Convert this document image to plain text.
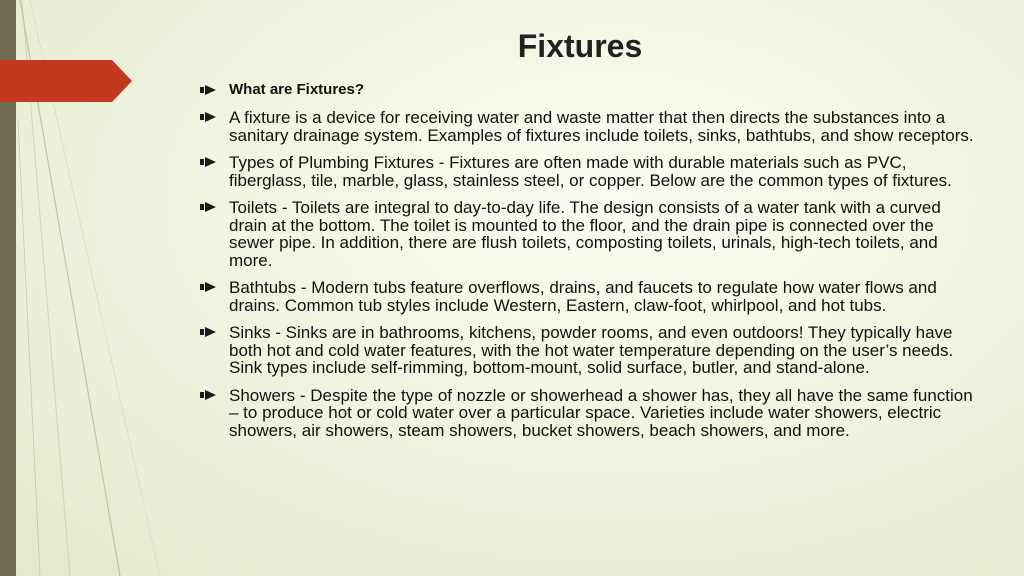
Fixtures
What are Fixtures?
A fixture is a device for receiving water and waste matter that then directs the substances into a sanitary drainage system. Examples of fixtures include toilets, sinks, bathtubs, and show receptors.
Types of Plumbing Fixtures - Fixtures are often made with durable materials such as PVC, fiberglass, tile, marble, glass, stainless steel, or copper. Below are the common types of fixtures.
Toilets - Toilets are integral to day-to-day life. The design consists of a water tank with a curved drain at the bottom. The toilet is mounted to the floor, and the drain pipe is connected over the sewer pipe. In addition, there are flush toilets, composting toilets, urinals, high-tech toilets, and more.
Bathtubs - Modern tubs feature overflows, drains, and faucets to regulate how water flows and drains. Common tub styles include Western, Eastern, claw-foot, whirlpool, and hot tubs.
Sinks - Sinks are in bathrooms, kitchens, powder rooms, and even outdoors! They typically have both hot and cold water features, with the hot water temperature depending on the user’s needs. Sink types include self-rimming, bottom-mount, solid surface, butler, and stand-alone.
Showers - Despite the type of nozzle or showerhead a shower has, they all have the same function – to produce hot or cold water over a particular space. Varieties include water showers, electric showers, air showers, steam showers, bucket showers, beach showers, and more.
